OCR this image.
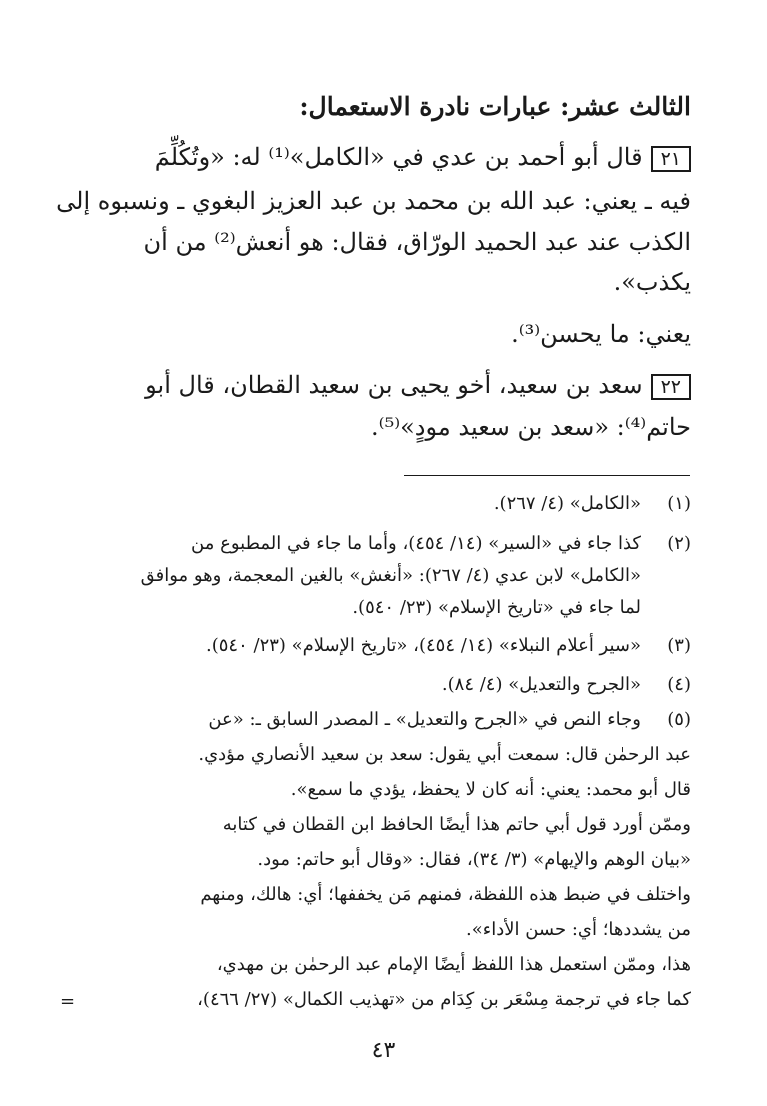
الثالث عشر: عبارات نادرة الاستعمال:
٢١قال أبو أحمد بن عدي في «الكامل»⁽¹⁾ له: «وتُكُلِّمَ
فيه ـ يعني: عبد الله بن محمد بن عبد العزيز البغوي ـ ونسبوه إلى
الكذب عند عبد الحميد الورّاق، فقال: هو أنعش⁽²⁾ من أن
يكذب».
يعني: ما يحسن⁽³⁾.
٢٢سعد بن سعيد، أخو يحيى بن سعيد القطان، قال أبو
حاتم⁽⁴⁾: «سعد بن سعيد مودٍ»⁽⁵⁾.
(١)
«الكامل» (٤/ ٢٦٧).
(٢)
كذا جاء في «السير» (١٤/ ٤٥٤)، وأما ما جاء في المطبوع من
«الكامل» لابن عدي (٤/ ٢٦٧): «أنغش» بالغين المعجمة، وهو موافق
لما جاء في «تاريخ الإسلام» (٢٣/ ٥٤٠).
(٣)
«سير أعلام النبلاء» (١٤/ ٤٥٤)، «تاريخ الإسلام» (٢٣/ ٥٤٠).
(٤)
«الجرح والتعديل» (٤/ ٨٤).
(٥)
وجاء النص في «الجرح والتعديل» ـ المصدر السابق ـ: «عن
عبد الرحمٰن قال: سمعت أبي يقول: سعد بن سعيد الأنصاري مؤدي.
قال أبو محمد: يعني: أنه كان لا يحفظ، يؤدي ما سمع».
وممّن أورد قول أبي حاتم هذا أيضًا الحافظ ابن القطان في كتابه
«بيان الوهم والإيهام» (٣/ ٣٤)، فقال: «وقال أبو حاتم: مود.
واختلف في ضبط هذه اللفظة، فمنهم مَن يخففها؛ أي: هالك، ومنهم
من يشددها؛ أي: حسن الأداء».
هذا، وممّن استعمل هذا اللفظ أيضًا الإمام عبد الرحمٰن بن مهدي،
كما جاء في ترجمة مِسْعَر بن كِدَام من «تهذيب الكمال» (٢٧/ ٤٦٦)،
=
٤٣
